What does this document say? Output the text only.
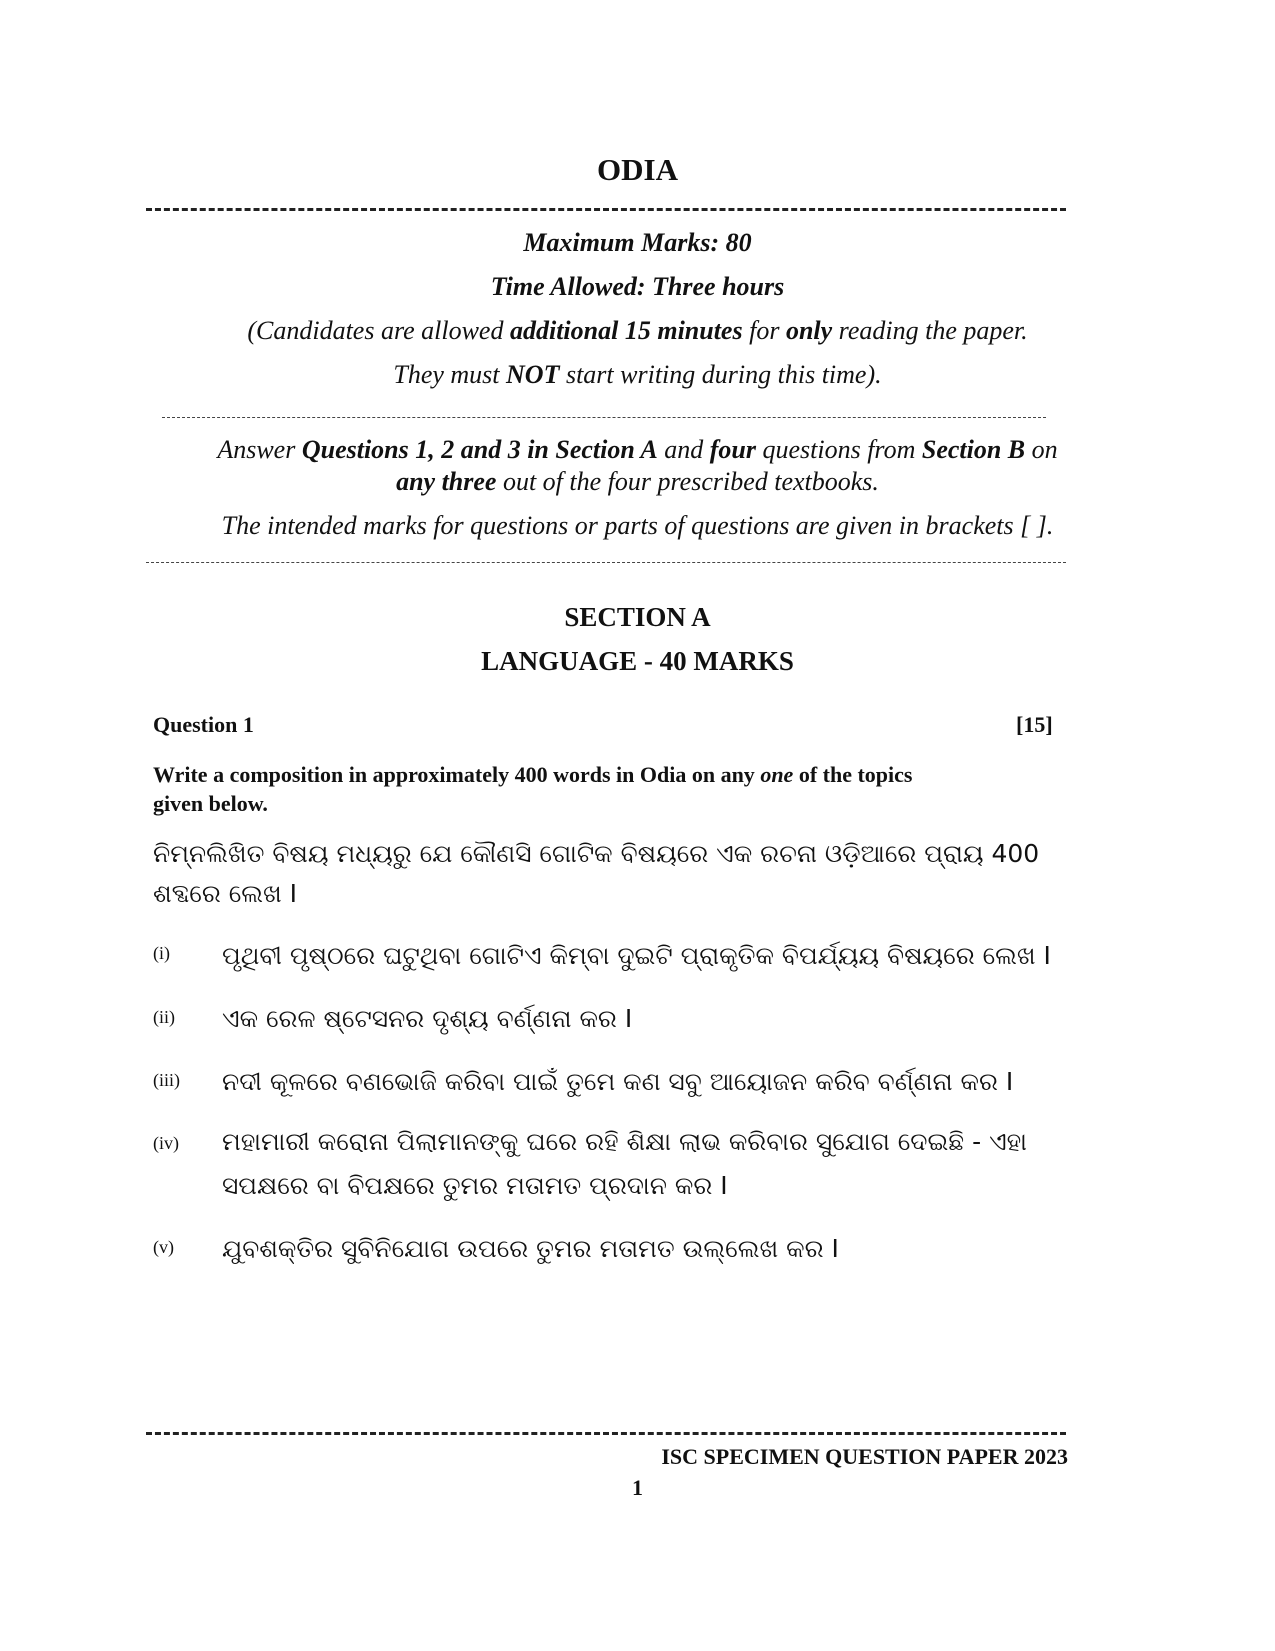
ODIA
Maximum Marks: 80
Time Allowed: Three hours
(Candidates are allowed additional 15 minutes for only reading the paper.
They must NOT start writing during this time).
Answer Questions 1, 2 and 3 in Section A and four questions from Section B on
any three out of the four prescribed textbooks.
The intended marks for questions or parts of questions are given in brackets [ ].
SECTION A
LANGUAGE - 40 MARKS
Question 1	[15]
Write a composition in approximately 400 words in Odia on any one of the topics
given below.
ନିମ୍ନଲିଖିତ ବିଷୟ ମଧ୍ୟରୁ ଯେ କୌଣସି ଗୋଟିକ ବିଷୟରେ ଏକ ରଚନା ଓଡ଼ିଆରେ ପ୍ରାୟ 400
ଶବ୍ଦରେ ଲେଖ I
(i) ପୃଥିବୀ ପୃଷ୍ଠରେ ଘଟୁଥିବା ଗୋଟିଏ କିମ୍ବା ଦୁଇଟି ପ୍ରାକୃତିକ ବିପର୍ଯ୍ୟୟ ବିଷୟରେ ଲେଖ I
(ii) ଏକ ରେଳ ଷ୍ଟେସନର ଦୃଶ୍ୟ ବର୍ଣ୍ଣନା କର I
(iii) ନଦୀ କୂଳରେ ବଣଭୋଜି କରିବା ପାଇଁ ତୁମେ କଣ ସବୁ ଆୟୋଜନ କରିବ ବର୍ଣ୍ଣନା କର I
(iv) ମହାମାରୀ କରୋନା ପିଲାମାନଙ୍କୁ ଘରେ ରହି ଶିକ୍ଷା ଲାଭ କରିବାର ସୁଯୋଗ ଦେଇଛି - ଏହା
ସପକ୍ଷରେ ବା ବିପକ୍ଷରେ ତୁମର ମତାମତ ପ୍ରଦାନ କର I
(v) ଯୁବଶକ୍ତିର ସୁବିନିଯୋଗ ଉପରେ ତୁମର ମତାମତ ଉଲ୍ଲେଖ କର I
ISC SPECIMEN QUESTION PAPER 2023
1
